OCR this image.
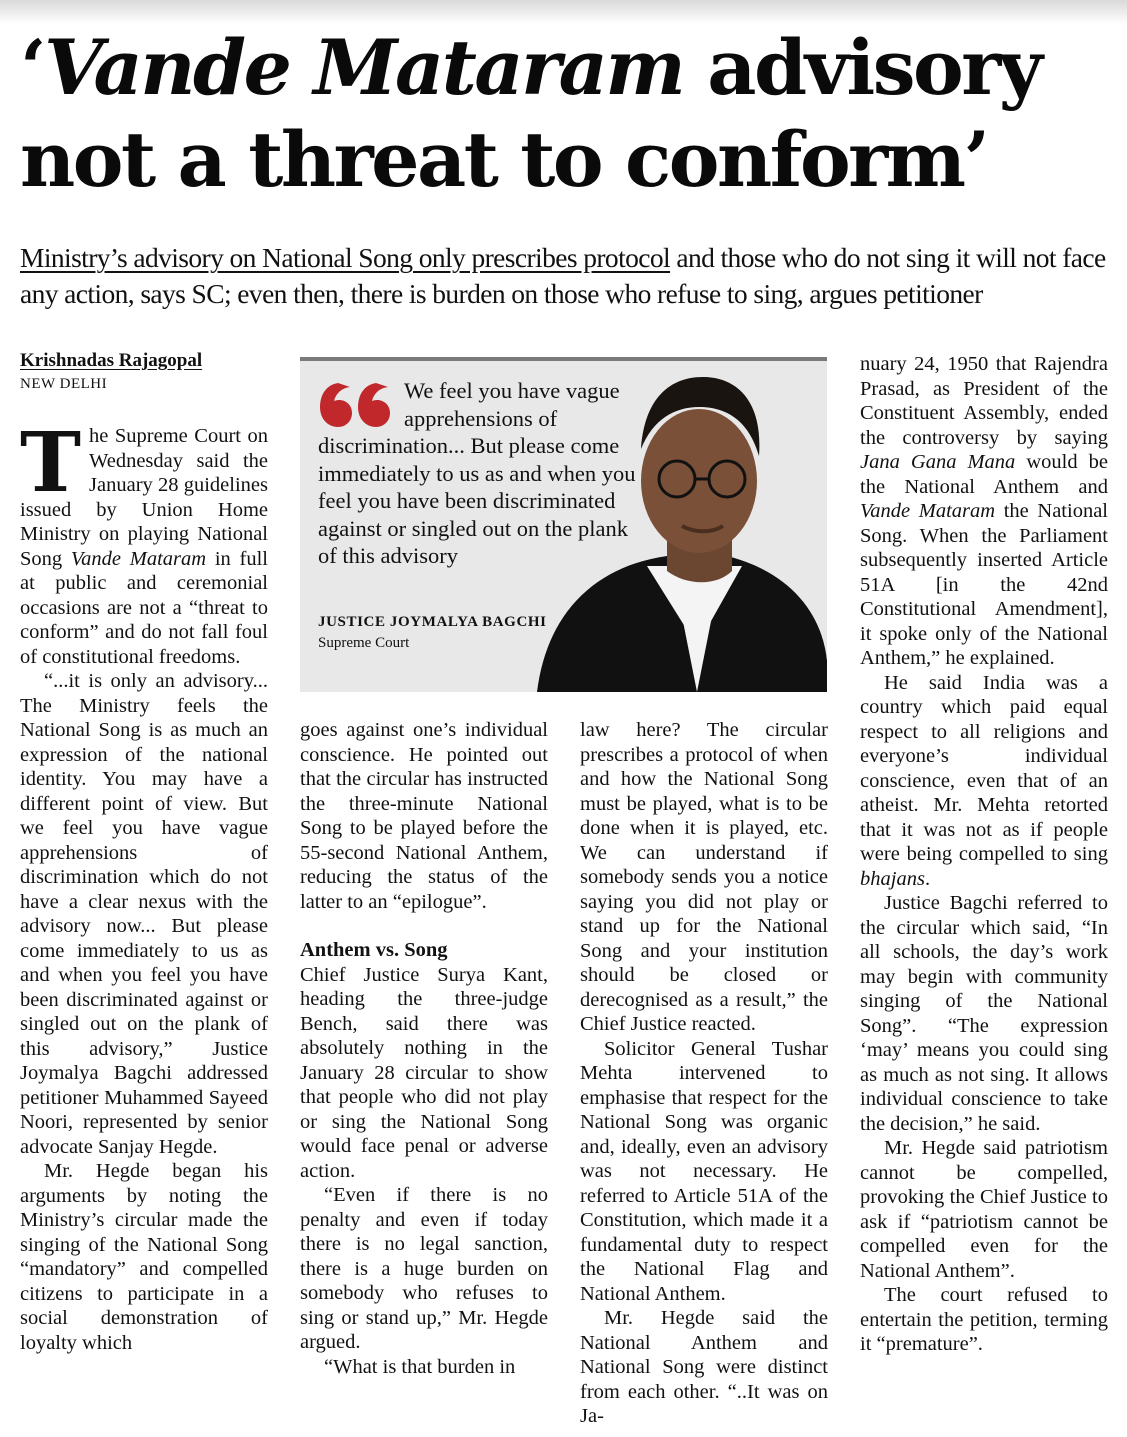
‘Vande Mataram advisory
not a threat to conform’
Ministry’s advisory on National Song only prescribes protocol and those who do not sing it will not face any action, says SC; even then, there is burden on those who refuse to sing, argues petitioner
Krishnadas Rajagopal
NEW DELHI

The Supreme Court on Wednesday said the January 28 guidelines issued by Union Home Ministry on playing National Song Vande Mataram in full at public and ceremonial occasions are not a “threat to conform” and do not fall foul of constitutional freedoms.

“...it is only an advisory... The Ministry feels the National Song is as much an expression of the national identity. You may have a different point of view. But we feel you have vague apprehensions of discrimination which do not have a clear nexus with the advisory now... But please come immediately to us as and when you feel you have been discriminated against or singled out on the plank of this advisory,” Justice Joymalya Bagchi addressed petitioner Muhammed Sayeed Noori, represented by senior advocate Sanjay Hegde.

Mr. Hegde began his arguments by noting the Ministry’s circular made the singing of the National Song “mandatory” and compelled citizens to participate in a social demonstration of loyalty which

We feel you have vague apprehensions of discrimination... But please come immediately to us as and when you feel you have been discriminated against or singled out on the plank of this advisory
JUSTICE JOYMALYA BAGCHI
Supreme Court

goes against one’s individual conscience. He pointed out that the circular has instructed the three-minute National Song to be played before the 55-second National Anthem, reducing the status of the latter to an “epilogue”.

Anthem vs. Song

Chief Justice Surya Kant, heading the three-judge Bench, said there was absolutely nothing in the January 28 circular to show that people who did not play or sing the National Song would face penal or adverse action.

“Even if there is no penalty and even if today there is no legal sanction, there is a huge burden on somebody who refuses to sing or stand up,” Mr. Hegde argued.

“What is that burden in

law here? The circular prescribes a protocol of when and how the National Song must be played, what is to be done when it is played, etc. We can understand if somebody sends you a notice saying you did not play or stand up for the National Song and your institution should be closed or derecognised as a result,” the Chief Justice reacted.

Solicitor General Tushar Mehta intervened to emphasise that respect for the National Song was organic and, ideally, even an advisory was not necessary. He referred to Article 51A of the Constitution, which made it a fundamental duty to respect the National Flag and National Anthem.

Mr. Hegde said the National Anthem and National Song were distinct from each other. “..It was on Ja-

nuary 24, 1950 that Rajendra Prasad, as President of the Constituent Assembly, ended the controversy by saying Jana Gana Mana would be the National Anthem and Vande Mataram the National Song. When the Parliament subsequently inserted Article 51A [in the 42nd Constitutional Amendment], it spoke only of the National Anthem,” he explained.

He said India was a country which paid equal respect to all religions and everyone’s individual conscience, even that of an atheist. Mr. Mehta retorted that it was not as if people were being compelled to sing bhajans.

Justice Bagchi referred to the circular which said, “In all schools, the day’s work may begin with community singing of the National Song”. “The expression ‘may’ means you could sing as much as not sing. It allows individual conscience to take the decision,” he said.

Mr. Hegde said patriotism cannot be compelled, provoking the Chief Justice to ask if “patriotism cannot be compelled even for the National Anthem”.

The court refused to entertain the petition, terming it “premature”.
